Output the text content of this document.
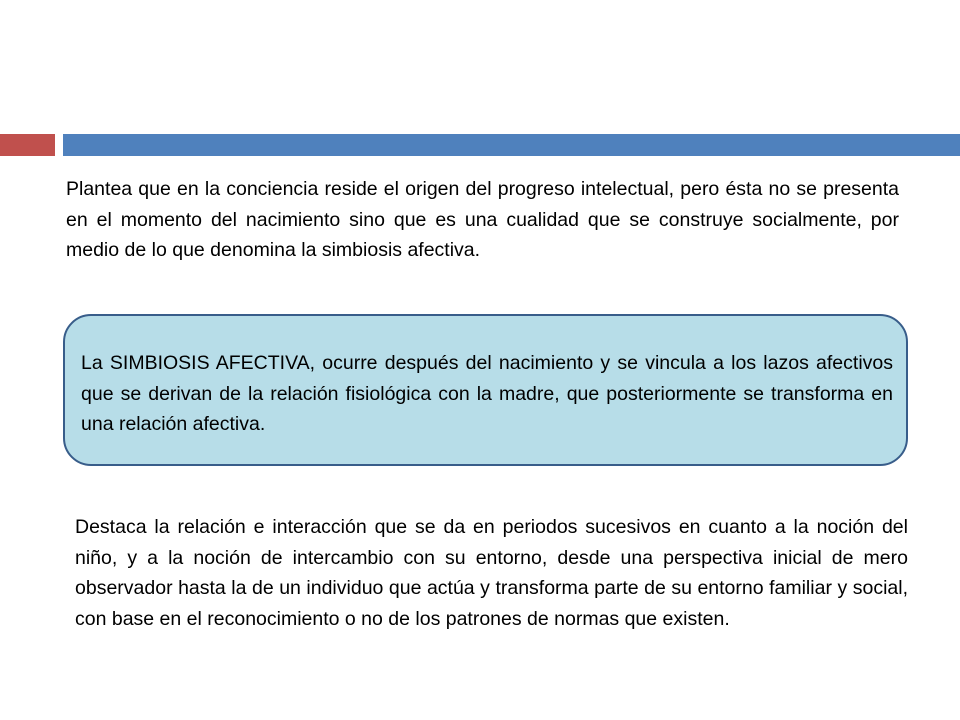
Plantea que en la conciencia reside el origen del progreso intelectual, pero ésta no se presenta en el momento del nacimiento sino que es una cualidad que se construye socialmente, por medio de lo que denomina la simbiosis afectiva.

La SIMBIOSIS AFECTIVA, ocurre después del nacimiento y se vincula a los lazos afectivos que se derivan de la relación fisiológica con la madre, que posteriormente se transforma en una relación afectiva.

Destaca la relación e interacción que se da en periodos sucesivos en cuanto a la noción del niño, y a la noción de intercambio con su entorno, desde una perspectiva inicial de mero observador hasta la de un individuo que actúa y transforma parte de su entorno familiar y social, con base en el reconocimiento o no de los patrones de normas que existen.
